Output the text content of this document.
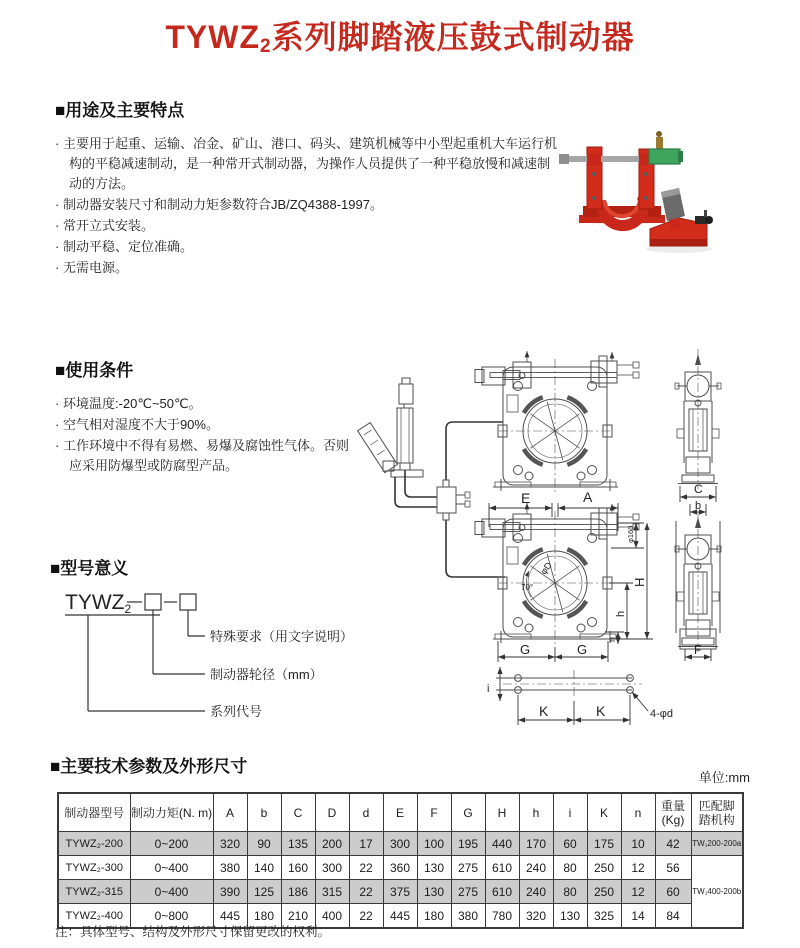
$TYWZ_2$系列脚踏液压鼓式制动器
■用途及主要特点
· 主要用于起重、运输、冶金、矿山、港口、码头、建筑机械等中小型起重机大车运行机构的平稳减速制动，是一种常开式制动器，为操作人员提供了一种平稳放慢和减速制动的方法。
· 制动器安装尺寸和制动力矩参数符合JB/ZQ4388-1997。
· 常开立式安装。
· 制动平稳、定位准确。
· 无需电源。
■使用条件
· 环境温度:-20℃~50℃。
· 空气相对湿度不大于90%。
· 工作环境中不得有易燃、易爆及腐蚀性气体。否则应采用防爆型或防腐型产品。
φD
70°
E	A
φ160
H
h
n
G	G
i
K	K	4-φd
C
b
F
■型号意义
TYWZ2
特殊要求（用文字说明）
制动器轮径（mm）
系列代号
■主要技术参数及外形尺寸
单位:mm
制动器型号	制动力矩(N. m)	A	b	C	D	d	E	F	G	H	h	i	K	n	重量
(Kg)	匹配脚
踏机构
TYWZ₂-200	0~200	320	90	135	200	17	300	100	195	440	170	60	175	10	42	TW₁200-200a
TYWZ₂-300	0~400	380	140	160	300	22	360	130	275	610	240	80	250	12	56	TW₁400-200b
TYWZ₂-315	0~400	390	125	186	315	22	375	130	275	610	240	80	250	12	60	
TYWZ₂-400	0~800	445	180	210	400	22	445	180	380	780	320	130	325	14	84	
注：具体型号、结构及外形尺寸保留更改的权利。
